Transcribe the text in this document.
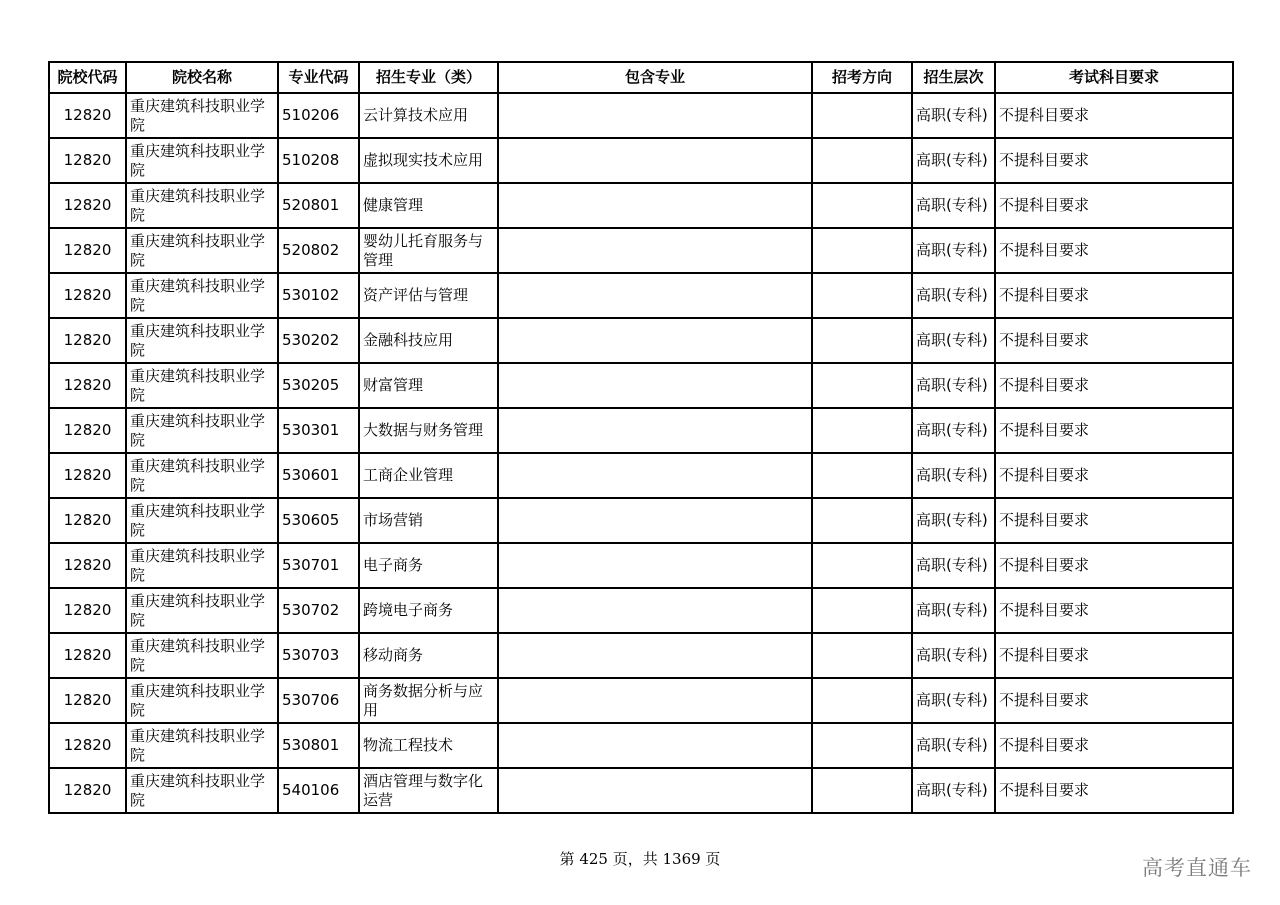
院校代码	院校名称	专业代码	招生专业（类）	包含专业	招考方向	招生层次	考试科目要求
12820	重庆建筑科技职业学院	510206	云计算技术应用			高职(专科)	不提科目要求
12820	重庆建筑科技职业学院	510208	虚拟现实技术应用			高职(专科)	不提科目要求
12820	重庆建筑科技职业学院	520801	健康管理			高职(专科)	不提科目要求
12820	重庆建筑科技职业学院	520802	婴幼儿托育服务与管理			高职(专科)	不提科目要求
12820	重庆建筑科技职业学院	530102	资产评估与管理			高职(专科)	不提科目要求
12820	重庆建筑科技职业学院	530202	金融科技应用			高职(专科)	不提科目要求
12820	重庆建筑科技职业学院	530205	财富管理			高职(专科)	不提科目要求
12820	重庆建筑科技职业学院	530301	大数据与财务管理			高职(专科)	不提科目要求
12820	重庆建筑科技职业学院	530601	工商企业管理			高职(专科)	不提科目要求
12820	重庆建筑科技职业学院	530605	市场营销			高职(专科)	不提科目要求
12820	重庆建筑科技职业学院	530701	电子商务			高职(专科)	不提科目要求
12820	重庆建筑科技职业学院	530702	跨境电子商务			高职(专科)	不提科目要求
12820	重庆建筑科技职业学院	530703	移动商务			高职(专科)	不提科目要求
12820	重庆建筑科技职业学院	530706	商务数据分析与应用			高职(专科)	不提科目要求
12820	重庆建筑科技职业学院	530801	物流工程技术			高职(专科)	不提科目要求
12820	重庆建筑科技职业学院	540106	酒店管理与数字化运营			高职(专科)	不提科目要求
第 425 页，共 1369 页	高考直通车
